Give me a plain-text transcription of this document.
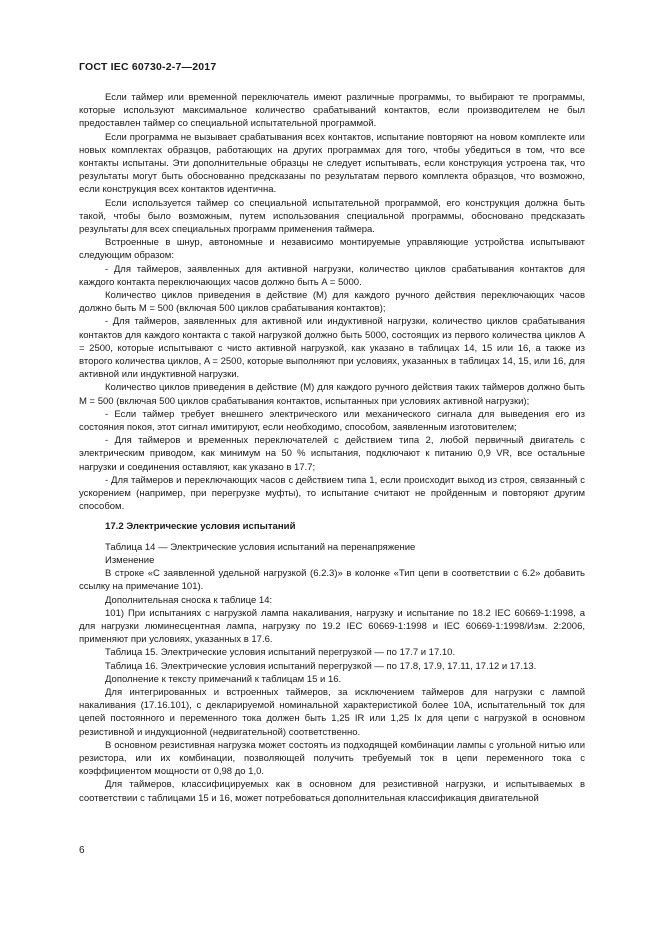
ГОСТ IEC 60730-2-7—2017

Если таймер или временной переключатель имеют различные программы, то выбирают те программы, которые используют максимальное количество срабатываний контактов, если производителем не был предоставлен таймер со специальной испытательной программой.

Если программа не вызывает срабатывания всех контактов, испытание повторяют на новом комплекте или новых комплектах образцов, работающих на других программах для того, чтобы убедиться в том, что все контакты испытаны. Эти дополнительные образцы не следует испытывать, если конструкция устроена так, что результаты могут быть обоснованно предсказаны по результатам первого комплекта образцов, что возможно, если конструкция всех контактов идентична.

Если используется таймер со специальной испытательной программой, его конструкция должна быть такой, чтобы было возможным, путем использования специальной программы, обосновано предсказать результаты для всех специальных программ применения таймера.

Встроенные в шнур, автономные и независимо монтируемые управляющие устройства испытывают следующим образом:

- Для таймеров, заявленных для активной нагрузки, количество циклов срабатывания контактов для каждого контакта переключающих часов должно быть A = 5000.

Количество циклов приведения в действие (M) для каждого ручного действия переключающих часов должно быть M = 500 (включая 500 циклов срабатывания контактов);

- Для таймеров, заявленных для активной или индуктивной нагрузки, количество циклов срабатывания контактов для каждого контакта с такой нагрузкой должно быть 5000, состоящих из первого количества циклов A = 2500, которые испытывают с чисто активной нагрузкой, как указано в таблицах 14, 15 или 16, а также из второго количества циклов, A = 2500, которые выполняют при условиях, указанных в таблицах 14, 15, или 16, для активной или индуктивной нагрузки.

Количество циклов приведения в действие (M) для каждого ручного действия таких таймеров должно быть M = 500 (включая 500 циклов срабатывания контактов, испытанных при условиях активной нагрузки);

- Если таймер требует внешнего электрического или механического сигнала для выведения его из состояния покоя, этот сигнал имитируют, если необходимо, способом, заявленным изготовителем;

- Для таймеров и временных переключателей с действием типа 2, любой первичный двигатель с электрическим приводом, как минимум на 50 % испытания, подключают к питанию 0,9 VR, все остальные нагрузки и соединения оставляют, как указано в 17.7;

- Для таймеров и переключающих часов с действием типа 1, если происходит выход из строя, связанный с ускорением (например, при перегрузке муфты), то испытание считают не пройденным и повторяют другим способом.

17.2 Электрические условия испытаний

Таблица 14 — Электрические условия испытаний на перенапряжение

Изменение

В строке «С заявленной удельной нагрузкой (6.2.3)» в колонке «Тип цепи в соответствии с 6.2» добавить ссылку на примечание 101).

Дополнительная сноска к таблице 14:

101) При испытаниях с нагрузкой лампа накаливания, нагрузку и испытание по 18.2 IEC 60669-1:1998, а для нагрузки люминесцентная лампа, нагрузку по 19.2 IEC 60669-1:1998 и IEC 60669-1:1998/Изм. 2:2006, применяют при условиях, указанных в 17.6.

Таблица 15. Электрические условия испытаний перегрузкой — по 17.7 и 17.10.

Таблица 16. Электрические условия испытаний перегрузкой — по 17.8, 17.9, 17.11, 17.12 и 17.13.

Дополнение к тексту примечаний к таблицам 15 и 16.

Для интегрированных и встроенных таймеров, за исключением таймеров для нагрузки с лампой накаливания (17.16.101), с декларируемой номинальной характеристикой более 10А, испытательный ток для цепей постоянного и переменного тока должен быть 1,25 IR или 1,25 Ix для цепи с нагрузкой в основном резистивной и индукционной (недвигательной) соответственно.

В основном резистивная нагрузка может состоять из подходящей комбинации лампы с угольной нитью или резистора, или их комбинации, позволяющей получить требуемый ток в цепи переменного тока с коэффициентом мощности от 0,98 до 1,0.

Для таймеров, классифицируемых как в основном для резистивной нагрузки, и испытываемых в соответствии с таблицами 15 и 16, может потребоваться дополнительная классификация двигательной

6
